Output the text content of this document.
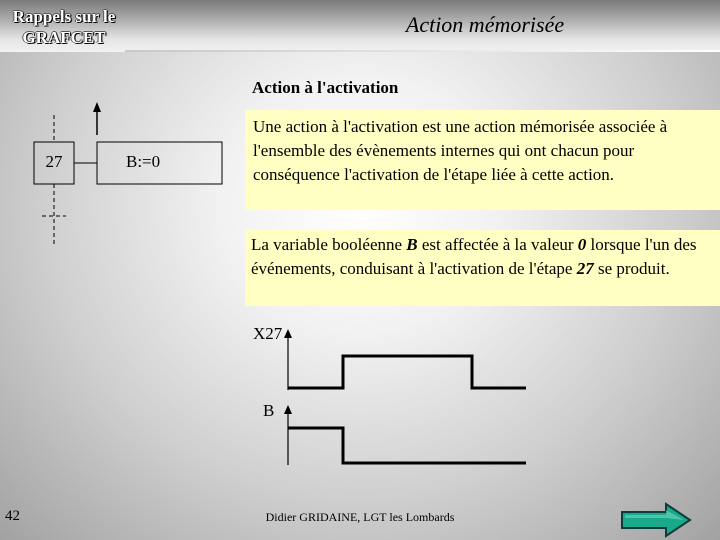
Rappels sur le
GRAFCET
Action mémorisée
Action à l'activation
27	B:=0
Une action à l'activation est une action mémorisée associée à l'ensemble des évènements internes qui ont chacun pour conséquence l'activation de l'étape liée à cette action.
La variable booléenne B est affectée à la valeur 0 lorsque l'un des événements, conduisant à l'activation de l'étape 27 se produit.
X27
B
42	Didier GRIDAINE, LGT les Lombards
